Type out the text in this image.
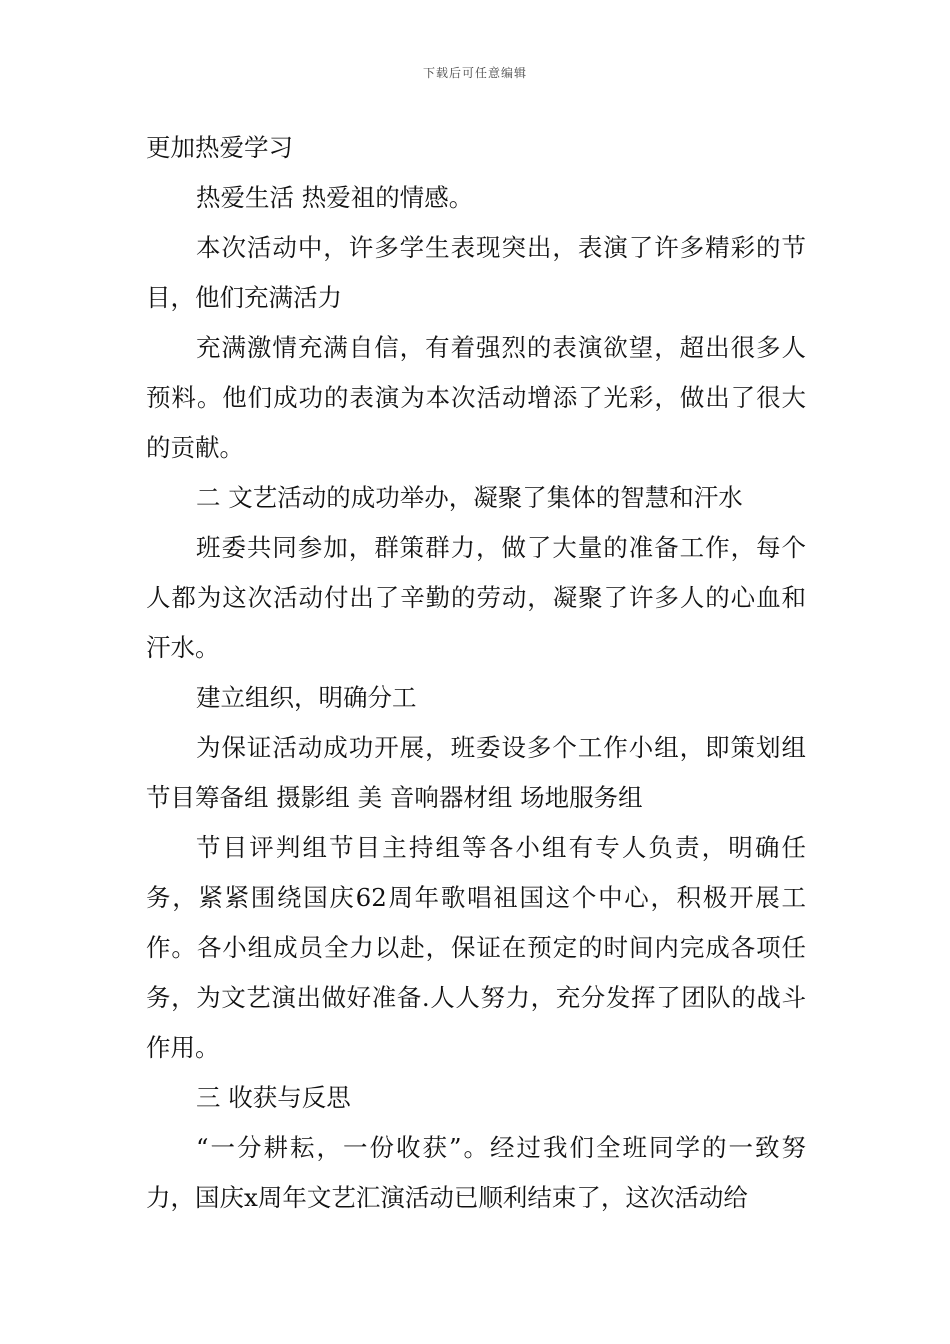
下载后可任意编辑

更加热爱学习

热爱生活 热爱祖的情感。

本次活动中，许多学生表现突出，表演了许多精彩的节目，他们充满活力

充满激情充满自信，有着强烈的表演欲望，超出很多人预料。他们成功的表演为本次活动增添了光彩，做出了很大的贡献。

二 文艺活动的成功举办，凝聚了集体的智慧和汗水

班委共同参加，群策群力，做了大量的准备工作，每个人都为这次活动付出了辛勤的劳动，凝聚了许多人的心血和汗水。

建立组织，明确分工

为保证活动成功开展，班委设多个工作小组，即策划组 节目筹备组 摄影组 美 音响器材组 场地服务组

节目评判组节目主持组等各小组有专人负责，明确任务，紧紧围绕国庆62周年歌唱祖国这个中心，积极开展工作。各小组成员全力以赴，保证在预定的时间内完成各项任务，为文艺演出做好准备.人人努力，充分发挥了团队的战斗作用。

三 收获与反思

“一分耕耘，一份收获”。经过我们全班同学的一致努力，国庆x周年文艺汇演活动已顺利结束了，这次活动给
